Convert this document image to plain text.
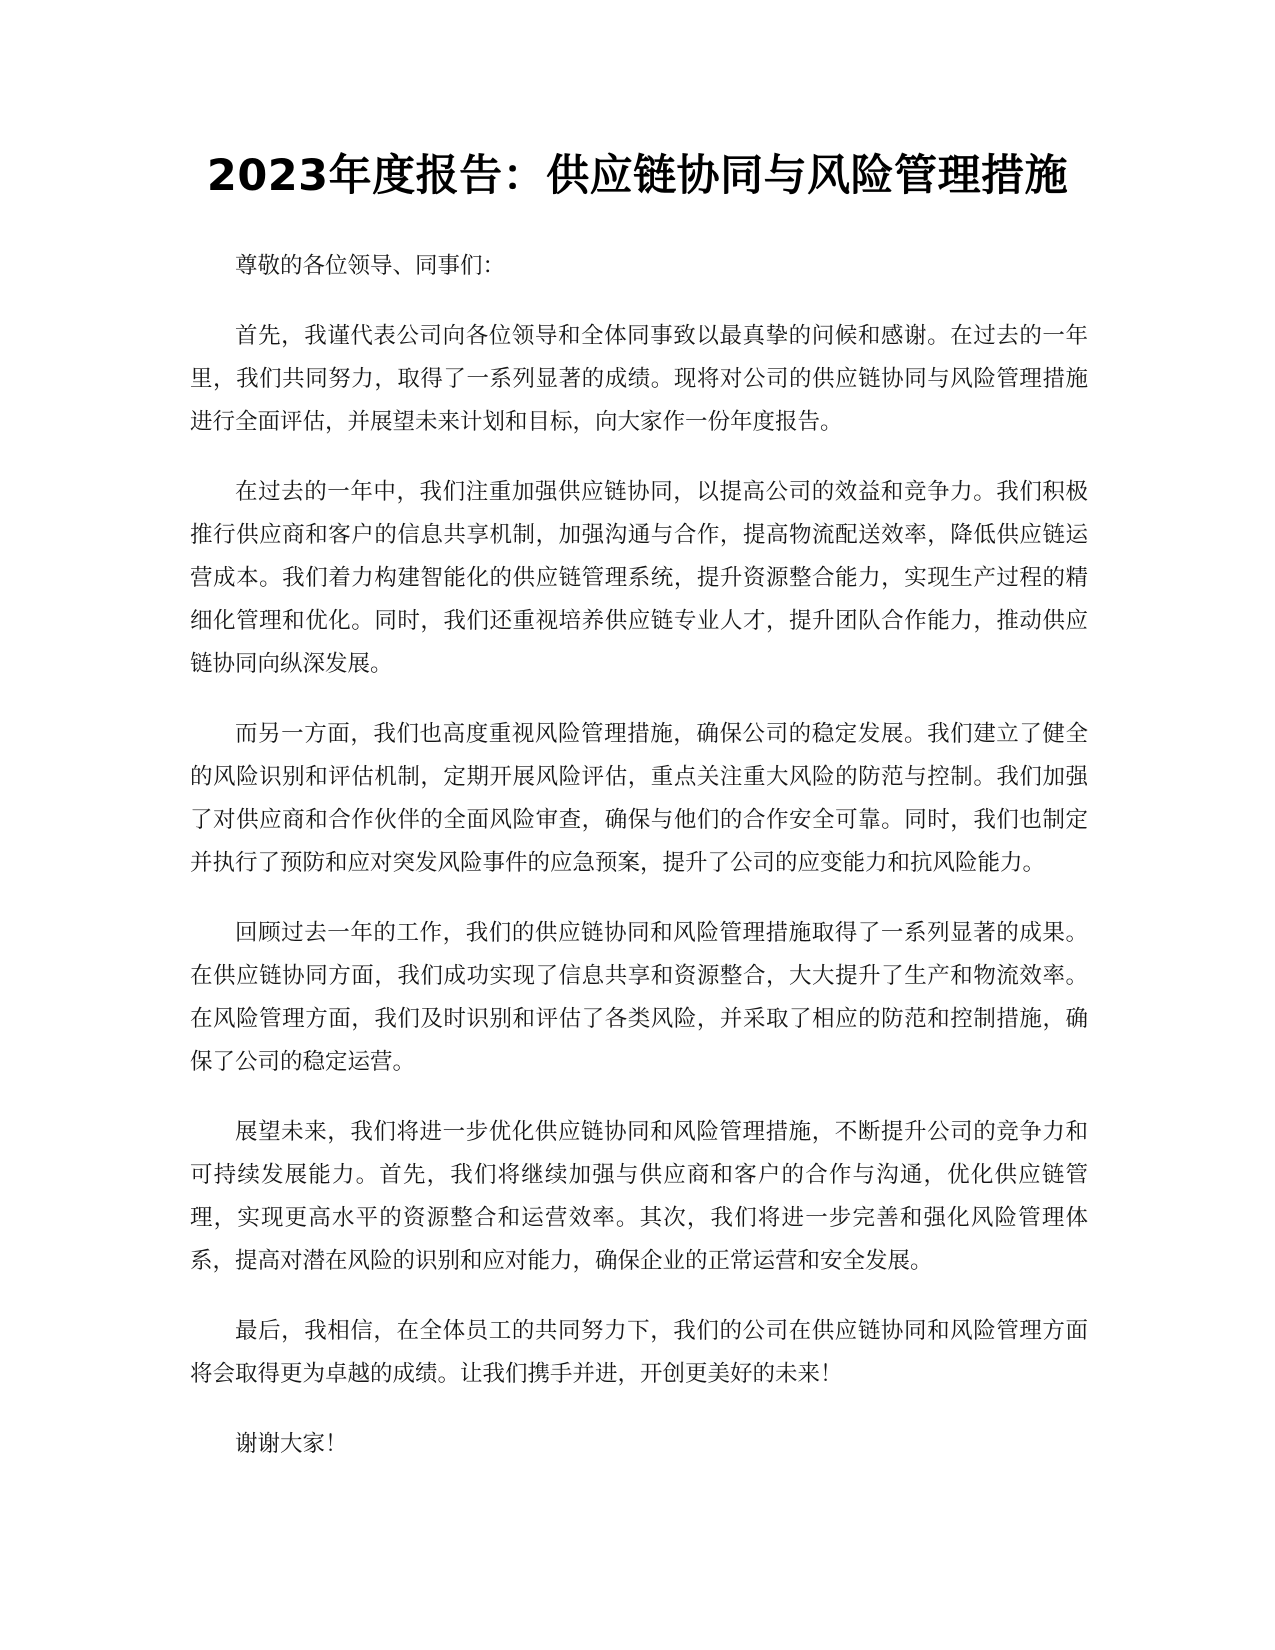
2023年度报告：供应链协同与风险管理措施

尊敬的各位领导、同事们：

首先，我谨代表公司向各位领导和全体同事致以最真挚的问候和感谢。在过去的一年里，我们共同努力，取得了一系列显著的成绩。现将对公司的供应链协同与风险管理措施进行全面评估，并展望未来计划和目标，向大家作一份年度报告。

在过去的一年中，我们注重加强供应链协同，以提高公司的效益和竞争力。我们积极推行供应商和客户的信息共享机制，加强沟通与合作，提高物流配送效率，降低供应链运营成本。我们着力构建智能化的供应链管理系统，提升资源整合能力，实现生产过程的精细化管理和优化。同时，我们还重视培养供应链专业人才，提升团队合作能力，推动供应链协同向纵深发展。

而另一方面，我们也高度重视风险管理措施，确保公司的稳定发展。我们建立了健全的风险识别和评估机制，定期开展风险评估，重点关注重大风险的防范与控制。我们加强了对供应商和合作伙伴的全面风险审查，确保与他们的合作安全可靠。同时，我们也制定并执行了预防和应对突发风险事件的应急预案，提升了公司的应变能力和抗风险能力。

回顾过去一年的工作，我们的供应链协同和风险管理措施取得了一系列显著的成果。在供应链协同方面，我们成功实现了信息共享和资源整合，大大提升了生产和物流效率。在风险管理方面，我们及时识别和评估了各类风险，并采取了相应的防范和控制措施，确保了公司的稳定运营。

展望未来，我们将进一步优化供应链协同和风险管理措施，不断提升公司的竞争力和可持续发展能力。首先，我们将继续加强与供应商和客户的合作与沟通，优化供应链管理，实现更高水平的资源整合和运营效率。其次，我们将进一步完善和强化风险管理体系，提高对潜在风险的识别和应对能力，确保企业的正常运营和安全发展。

最后，我相信，在全体员工的共同努力下，我们的公司在供应链协同和风险管理方面将会取得更为卓越的成绩。让我们携手并进，开创更美好的未来！

谢谢大家！
